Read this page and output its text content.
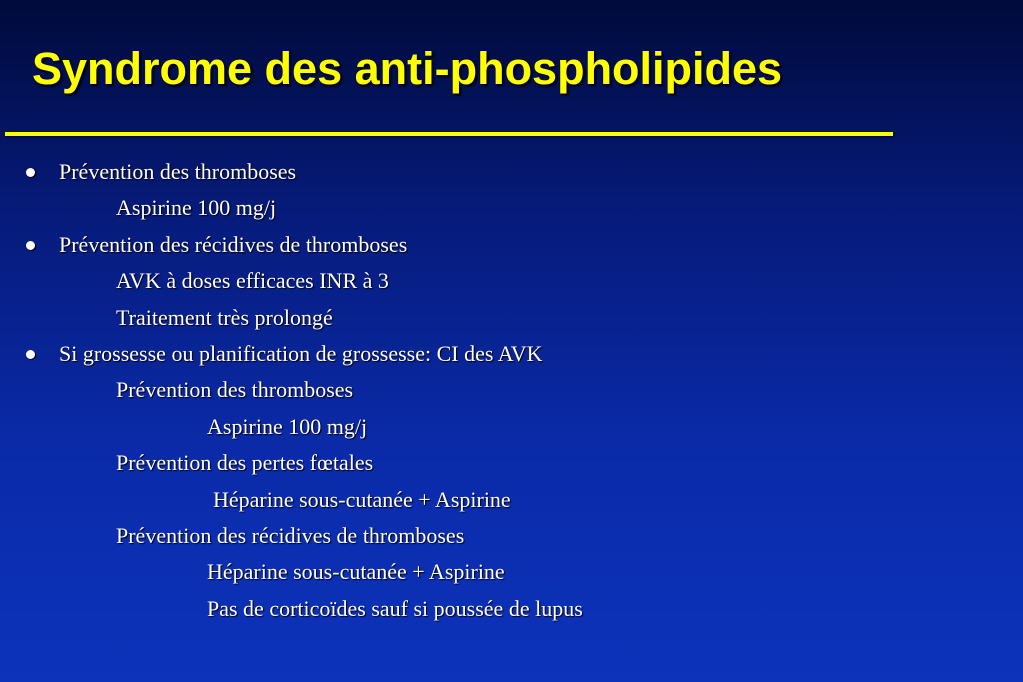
Syndrome des anti-phospholipides
Prévention des thromboses
Aspirine 100 mg/j
Prévention des récidives de thromboses
AVK à doses efficaces INR à 3
Traitement très prolongé
Si grossesse ou planification de grossesse: CI des AVK
Prévention des thromboses
Aspirine 100 mg/j
Prévention des pertes fœtales
Héparine sous-cutanée + Aspirine
Prévention des récidives de thromboses
Héparine sous-cutanée + Aspirine
Pas de corticoïdes sauf si poussée de lupus
